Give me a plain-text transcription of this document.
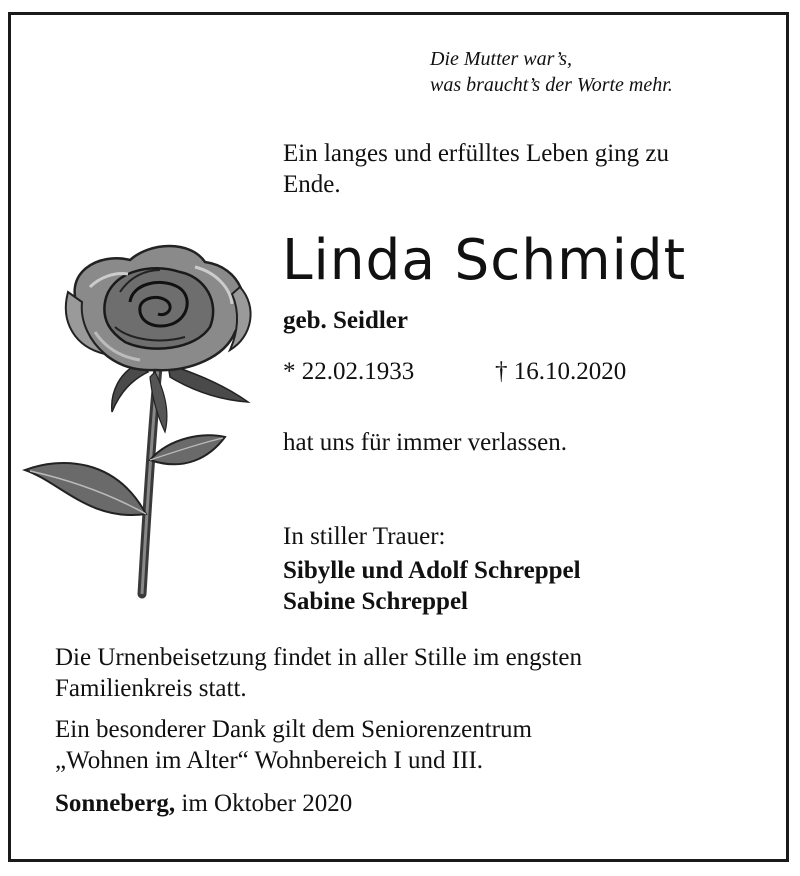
Die Mutter war’s,
was braucht’s der Worte mehr.
Ein langes und erfülltes Leben ging zu
Ende.
Linda Schmidt
geb. Seidler
* 22.02.1933	† 16.10.2020
hat uns für immer verlassen.
In stiller Trauer:
Sibylle und Adolf Schreppel
Sabine Schreppel
Die Urnenbeisetzung findet in aller Stille im engsten
Familienkreis statt.
Ein besonderer Dank gilt dem Seniorenzentrum
„Wohnen im Alter“ Wohnbereich I und III.
Sonneberg, im Oktober 2020
